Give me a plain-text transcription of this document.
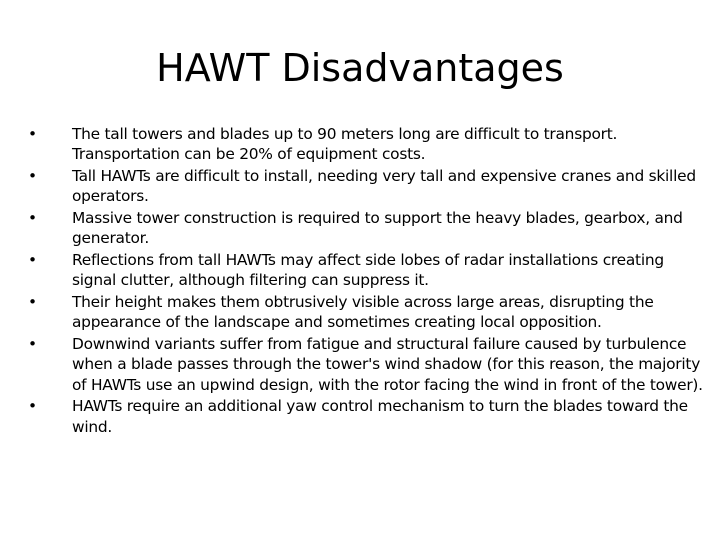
HAWT Disadvantages
•	The tall towers and blades up to 90 meters long are difficult to transport. Transportation can be 20% of equipment costs.
•	Tall HAWTs are difficult to install, needing very tall and expensive cranes and skilled operators.
•	Massive tower construction is required to support the heavy blades, gearbox, and generator.
•	Reflections from tall HAWTs may affect side lobes of radar installations creating signal clutter, although filtering can suppress it.
•	Their height makes them obtrusively visible across large areas, disrupting the appearance of the landscape and sometimes creating local opposition.
•	Downwind variants suffer from fatigue and structural failure caused by turbulence when a blade passes through the tower's wind shadow (for this reason, the majority of HAWTs use an upwind design, with the rotor facing the wind in front of the tower).
•	HAWTs require an additional yaw control mechanism to turn the blades toward the wind.
